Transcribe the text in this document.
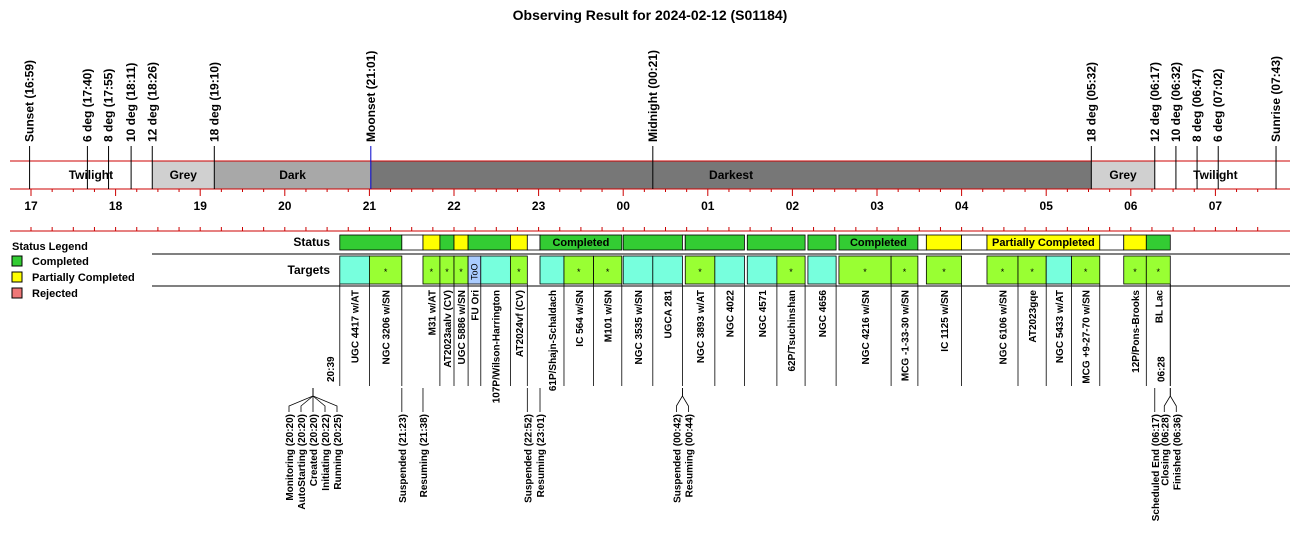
Observing Result for 2024-02-12 (S01184)
Twilight	Grey	Dark	Darkest	Grey	Twilight
17	18	19	20	21	22	23	00	01	02	03	04	05	06	07
Sunset (16:59)	6 deg (17:40) 8 deg (17:55) 10 deg (18:11) 12 deg (18:26)	18 deg (19:10)	Moonset (21:01)	Midnight (00:21)	18 deg (05:32)	12 deg (06:17) 10 deg (06:32) 8 deg (06:47) 6 deg (07:02)	Sunrise (07:43)
Status Legend
Completed
Partially Completed
Rejected
Status
Targets
Completed	Completed	Partially Completed
UGC 4417 w/AT
*
NGC 3206 w/SN
*
M31 w/AT
*
AT2023aalv (CV)
*
UGC 5886 w/SN
ToO
FU Ori 107P/Wilson-Harrington
*
AT2024vf (CV) 61P/Shajn-Schaldach
*
IC 564 w/SN
*
M101 w/SN NGC 3535 w/SN UGCA 281
*
NGC 3893 w/AT NGC 4022 NGC 4571
*
62P/Tsuchinshan NGC 4656
*
NGC 4216 w/SN
*
MCG -1-33-30 w/SN
*
IC 1125 w/SN
*
NGC 6106 w/SN
*
AT2023gqe NGC 5433 w/AT
*
MCG +9-27-70 w/SN
*
12P/Pons-Brooks
*
BL Lac
20:39	06:28
Monitoring (20:20) AutoStarting (20:20) Created (20:20) Initiating (20:22) Running (20:25)	Suspended (21:23) Resuming (21:38)	Suspended (22:52) Resuming (23:01)	Suspended (00:42) Resuming (00:44)	Scheduled End (06:17)
Closing (06:28) Finished (06:36)
